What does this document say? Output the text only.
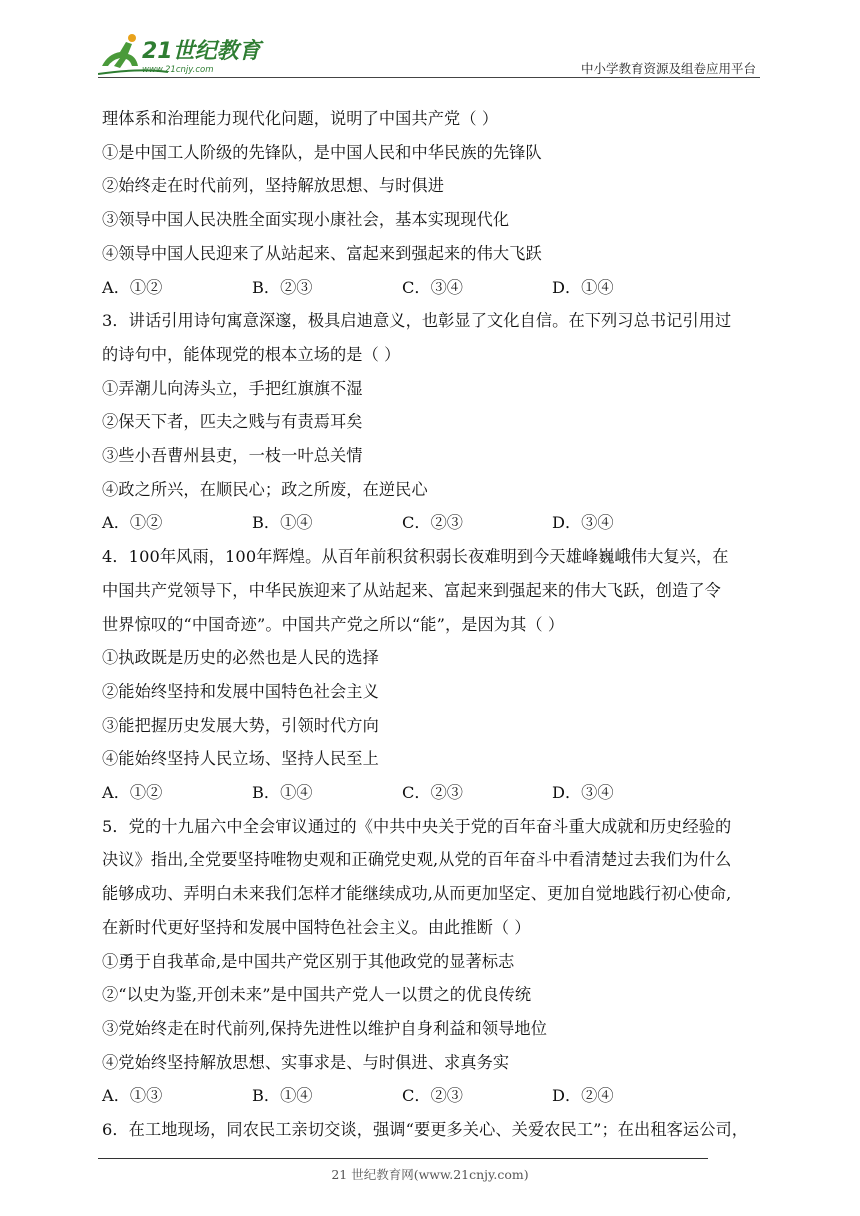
21世纪教育
www.21cnjy.com	中小学教育资源及组卷应用平台
理体系和治理能力现代化问题，说明了中国共产党（ ）
①是中国工人阶级的先锋队，是中国人民和中华民族的先锋队
②始终走在时代前列，坚持解放思想、与时俱进
③领导中国人民决胜全面实现小康社会，基本实现现代化
④领导中国人民迎来了从站起来、富起来到强起来的伟大飞跃
A．①②	B．②③	C．③④	D．①④
3．讲话引用诗句寓意深邃，极具启迪意义，也彰显了文化自信。在下列习总书记引用过
的诗句中，能体现党的根本立场的是（ ）
①弄潮儿向涛头立，手把红旗旗不湿
②保天下者，匹夫之贱与有责焉耳矣
③些小吾曹州县吏，一枝一叶总关情
④政之所兴，在顺民心；政之所废，在逆民心
A．①②	B．①④	C．②③	D．③④
4．100年风雨，100年辉煌。从百年前积贫积弱长夜难明到今天雄峰巍峨伟大复兴，在
中国共产党领导下，中华民族迎来了从站起来、富起来到强起来的伟大飞跃，创造了令
世界惊叹的“中国奇迹”。中国共产党之所以“能”，是因为其（ ）
①执政既是历史的必然也是人民的选择
②能始终坚持和发展中国特色社会主义
③能把握历史发展大势，引领时代方向
④能始终坚持人民立场、坚持人民至上
A．①②	B．①④	C．②③	D．③④
5．党的十九届六中全会审议通过的《中共中央关于党的百年奋斗重大成就和历史经验的
决议》指出,全党要坚持唯物史观和正确党史观,从党的百年奋斗中看清楚过去我们为什么
能够成功、弄明白未来我们怎样才能继续成功,从而更加坚定、更加自觉地践行初心使命,
在新时代更好坚持和发展中国特色社会主义。由此推断（ ）
①勇于自我革命,是中国共产党区别于其他政党的显著标志
②“以史为鉴,开创未来”是中国共产党人一以贯之的优良传统
③党始终走在时代前列,保持先进性以维护自身利益和领导地位
④党始终坚持解放思想、实事求是、与时俱进、求真务实
A．①③	B．①④	C．②③	D．②④
6．在工地现场，同农民工亲切交谈，强调“要更多关心、关爱农民工”；在出租客运公司，
21 世纪教育网(www.21cnjy.com)
